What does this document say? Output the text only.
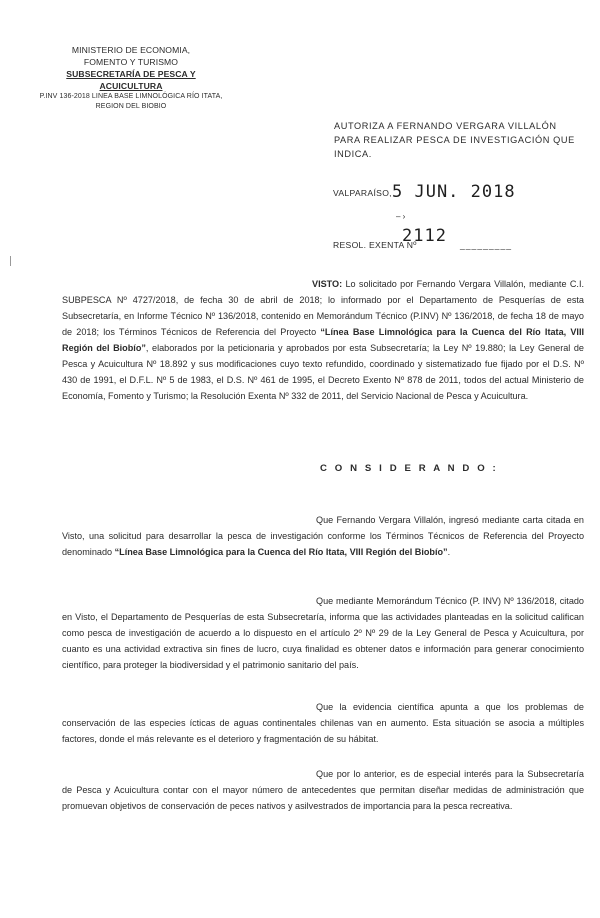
MINISTERIO DE ECONOMIA,
FOMENTO Y TURISMO
SUBSECRETARÍA DE PESCA Y ACUICULTURA
P.INV 136-2018 LINEA BASE LIMNOLÓGICA RÍO ITATA,
REGION DEL BIOBIO
AUTORIZA A FERNANDO VERGARA VILLALÓN PARA REALIZAR PESCA DE INVESTIGACIÓN QUE INDICA.
VALPARAÍSO, 5 JUN. 2018
– ›
RESOL. EXENTA Nº
2112 _________
VISTO: Lo solicitado por Fernando Vergara Villalón, mediante C.I. SUBPESCA Nº 4727/2018, de fecha 30 de abril de 2018; lo informado por el Departamento de Pesquerías de esta Subsecretaría, en Informe Técnico Nº 136/2018, contenido en Memorándum Técnico (P.INV) Nº 136/2018, de fecha 18 de mayo de 2018; los Términos Técnicos de Referencia del Proyecto “Línea Base Limnológica para la Cuenca del Río Itata, VIII Región del Biobío”, elaborados por la peticionaria y aprobados por esta Subsecretaría; la Ley Nº 19.880; la Ley General de Pesca y Acuicultura Nº 18.892 y sus modificaciones cuyo texto refundido, coordinado y sistematizado fue fijado por el D.S. Nº 430 de 1991, el D.F.L. Nº 5 de 1983, el D.S. Nº 461 de 1995, el Decreto Exento Nº 878 de 2011, todos del actual Ministerio de Economía, Fomento y Turismo; la Resolución Exenta Nº 332 de 2011, del Servicio Nacional de Pesca y Acuicultura.
C O N S I D E R A N D O :
Que Fernando Vergara Villalón, ingresó mediante carta citada en Visto, una solicitud para desarrollar la pesca de investigación conforme los Términos Técnicos de Referencia del Proyecto denominado “Línea Base Limnológica para la Cuenca del Río Itata, VIII Región del Biobío”.
Que mediante Memorándum Técnico (P. INV) Nº 136/2018, citado en Visto, el Departamento de Pesquerías de esta Subsecretaría, informa que las actividades planteadas en la solicitud califican como pesca de investigación de acuerdo a lo dispuesto en el artículo 2º Nº 29 de la Ley General de Pesca y Acuicultura, por cuanto es una actividad extractiva sin fines de lucro, cuya finalidad es obtener datos e información para generar conocimiento científico, para proteger la biodiversidad y el patrimonio sanitario del país.
Que la evidencia científica apunta a que los problemas de conservación de las especies ícticas de aguas continentales chilenas van en aumento. Esta situación se asocia a múltiples factores, donde el más relevante es el deterioro y fragmentación de su hábitat.
Que por lo anterior, es de especial interés para la Subsecretaría de Pesca y Acuicultura contar con el mayor número de antecedentes que permitan diseñar medidas de administración que promuevan objetivos de conservación de peces nativos y asilvestrados de importancia para la pesca recreativa.
